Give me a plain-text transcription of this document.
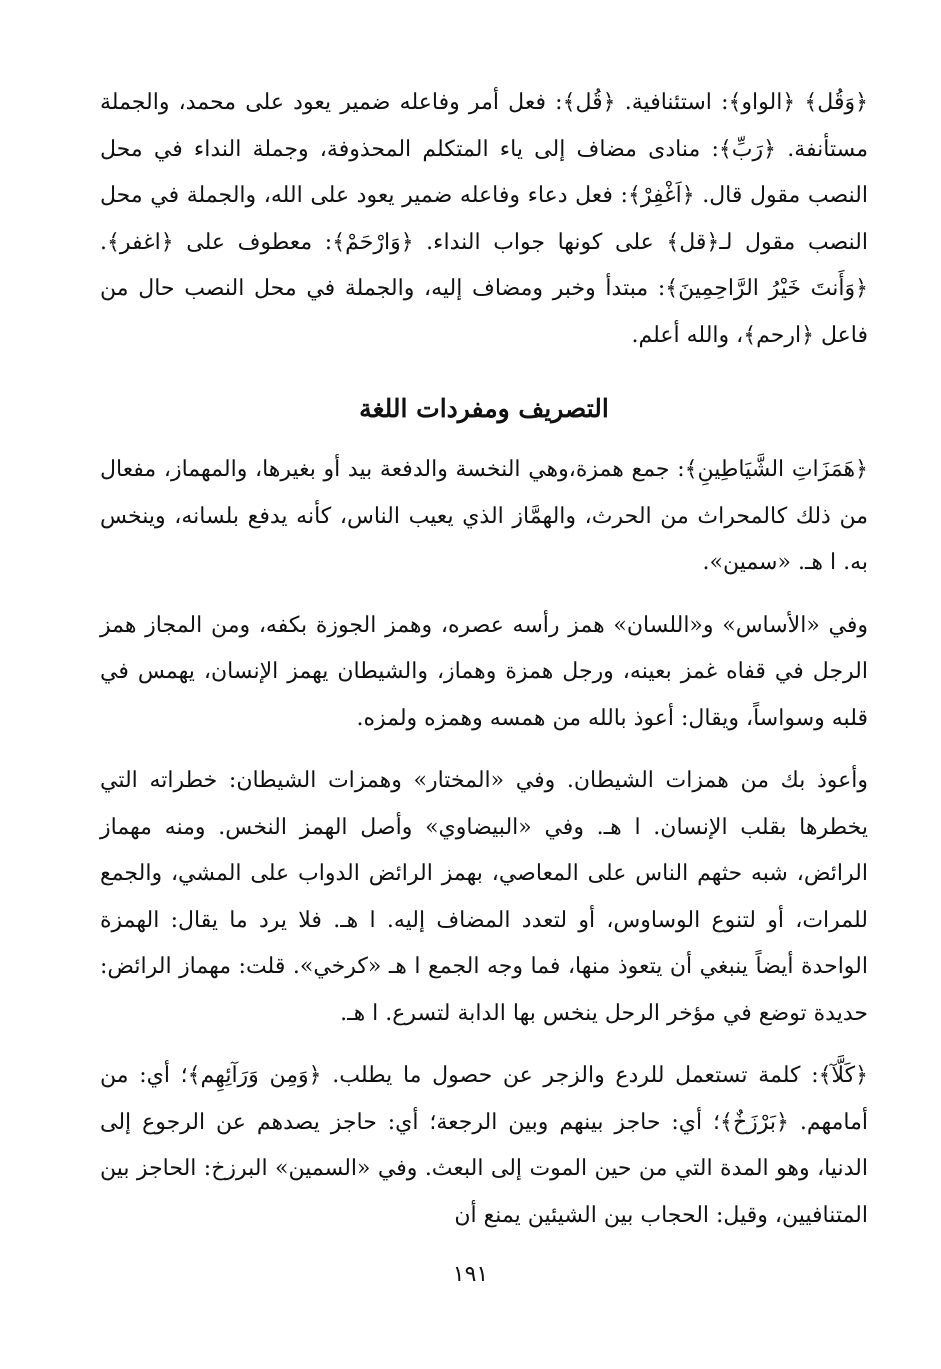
﴿وَقُل﴾ ﴿الواو﴾: استئنافية. ﴿قُل﴾: فعل أمر وفاعله ضمير يعود على محمد، والجملة مستأنفة. ﴿رَبِّ﴾: منادى مضاف إلى ياء المتكلم المحذوفة، وجملة النداء في محل النصب مقول قال. ﴿اَغْفِرْ﴾: فعل دعاء وفاعله ضمير يعود على الله، والجملة في محل النصب مقول لـ﴿قل﴾ على كونها جواب النداء. ﴿وَارْحَمْ﴾: معطوف على ﴿اغفر﴾. ﴿وَأَنتَ خَيْرُ الرَّاحِمِينَ﴾: مبتدأ وخبر ومضاف إليه، والجملة في محل النصب حال من فاعل ﴿ارحم﴾، والله أعلم.

التصريف ومفردات اللغة

﴿هَمَزَاتِ الشَّيَاطِينِ﴾: جمع همزة،وهي النخسة والدفعة بيد أو بغيرها، والمهماز، مفعال من ذلك كالمحراث من الحرث، والهمَّاز الذي يعيب الناس، كأنه يدفع بلسانه، وينخس به. ا هـ. «سمين».

وفي «الأساس» و«اللسان» همز رأسه عصره، وهمز الجوزة بكفه، ومن المجاز همز الرجل في قفاه غمز بعينه، ورجل همزة وهماز، والشيطان يهمز الإنسان، يهمس في قلبه وسواساً، ويقال: أعوذ بالله من همسه وهمزه ولمزه.

وأعوذ بك من همزات الشيطان. وفي «المختار» وهمزات الشيطان: خطراته التي يخطرها بقلب الإنسان. ا هـ. وفي «البيضاوي» وأصل الهمز النخس. ومنه مهماز الرائض، شبه حثهم الناس على المعاصي، بهمز الرائض الدواب على المشي، والجمع للمرات، أو لتنوع الوساوس، أو لتعدد المضاف إليه. ا هـ. فلا يرد ما يقال: الهمزة الواحدة أيضاً ينبغي أن يتعوذ منها، فما وجه الجمع ا هـ «كرخي». قلت: مهماز الرائض: حديدة توضع في مؤخر الرحل ينخس بها الدابة لتسرع. ا هـ.

﴿كَلَّآ﴾: كلمة تستعمل للردع والزجر عن حصول ما يطلب. ﴿وَمِن وَرَآئِهِم﴾؛ أي: من أمامهم. ﴿بَرْزَخٌ﴾؛ أي: حاجز بينهم وبين الرجعة؛ أي: حاجز يصدهم عن الرجوع إلى الدنيا، وهو المدة التي من حين الموت إلى البعث. وفي «السمين» البرزخ: الحاجز بين المتنافيين، وقيل: الحجاب بين الشيئين يمنع أن

١٩١
